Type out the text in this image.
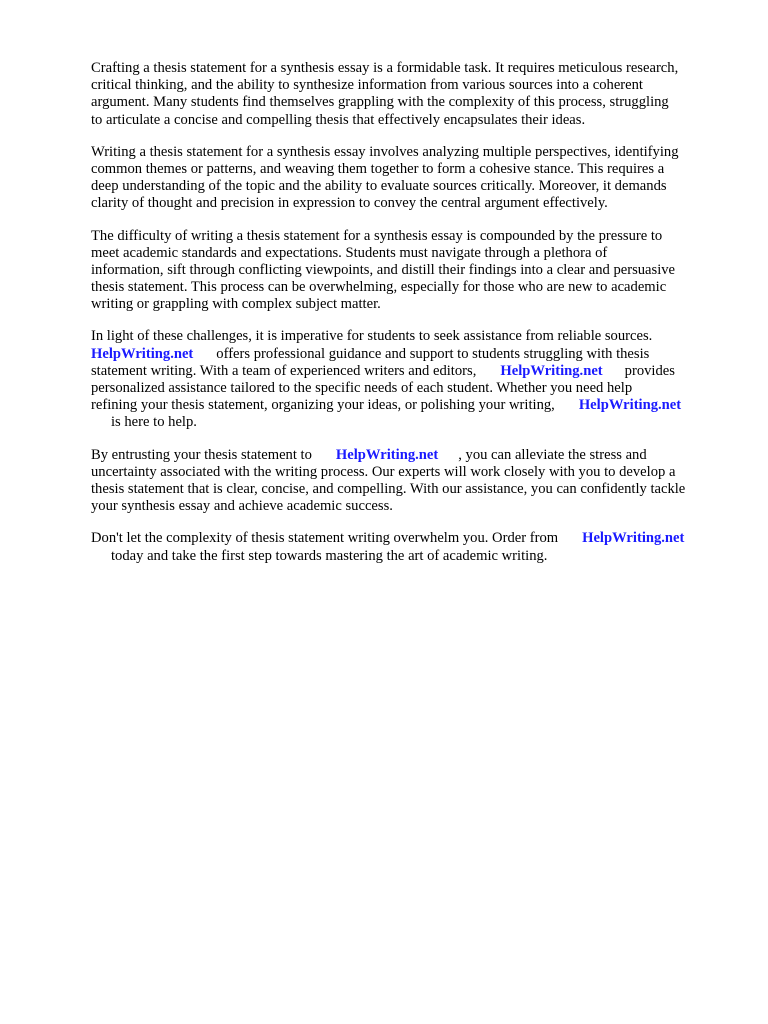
Crafting a thesis statement for a synthesis essay is a formidable task. It requires meticulous research,
critical thinking, and the ability to synthesize information from various sources into a coherent
argument. Many students find themselves grappling with the complexity of this process, struggling
to articulate a concise and compelling thesis that effectively encapsulates their ideas.

Writing a thesis statement for a synthesis essay involves analyzing multiple perspectives, identifying
common themes or patterns, and weaving them together to form a cohesive stance. This requires a
deep understanding of the topic and the ability to evaluate sources critically. Moreover, it demands
clarity of thought and precision in expression to convey the central argument effectively.

The difficulty of writing a thesis statement for a synthesis essay is compounded by the pressure to
meet academic standards and expectations. Students must navigate through a plethora of
information, sift through conflicting viewpoints, and distill their findings into a clear and persuasive
thesis statement. This process can be overwhelming, especially for those who are new to academic
writing or grappling with complex subject matter.

In light of these challenges, it is imperative for students to seek assistance from reliable sources.
HelpWriting.net offers professional guidance and support to students struggling with thesis
statement writing. With a team of experienced writers and editors, HelpWriting.net provides
personalized assistance tailored to the specific needs of each student. Whether you need help
refining your thesis statement, organizing your ideas, or polishing your writing, HelpWriting.net
is here to help.

By entrusting your thesis statement to HelpWriting.net , you can alleviate the stress and
uncertainty associated with the writing process. Our experts will work closely with you to develop a
thesis statement that is clear, concise, and compelling. With our assistance, you can confidently tackle
your synthesis essay and achieve academic success.

Don't let the complexity of thesis statement writing overwhelm you. Order from HelpWriting.net
today and take the first step towards mastering the art of academic writing.
